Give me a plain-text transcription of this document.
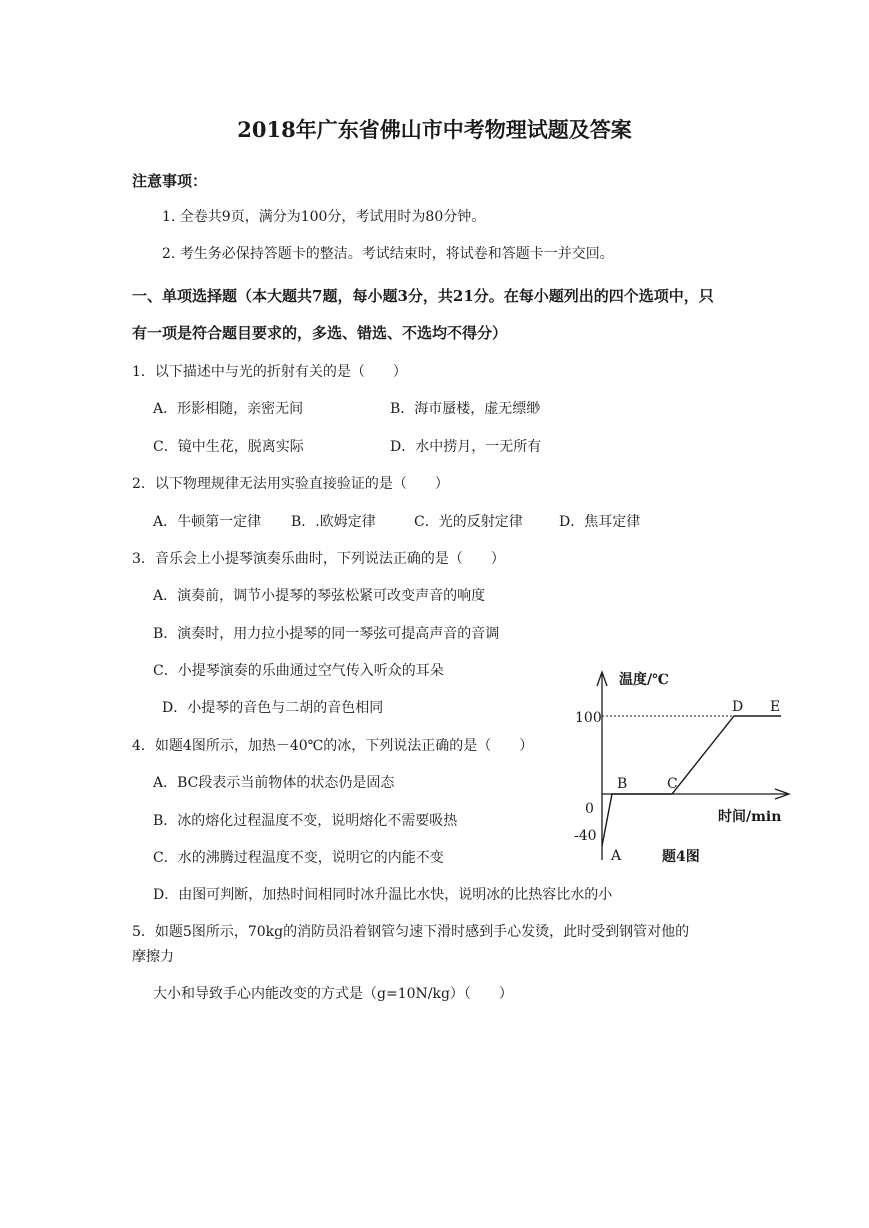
2018年广东省佛山市中考物理试题及答案
注意事项：
1. 全卷共9页，满分为100分，考试用时为80分钟。
2. 考生务必保持答题卡的整洁。考试结束时，将试卷和答题卡一并交回。
一、单项选择题（本大题共7题，每小题3分，共21分。在每小题列出的四个选项中，只
有一项是符合题目要求的，多选、错选、不选均不得分）
1．以下描述中与光的折射有关的是（　　）
A．形影相随，亲密无间	B．海市蜃楼，虚无缥缈
C．镜中生花，脱离实际	D．水中捞月，一无所有
2．以下物理规律无法用实验直接验证的是（　　）
A．牛顿第一定律 B．.欧姆定律	C．光的反射定律	D．焦耳定律
3．音乐会上小提琴演奏乐曲时，下列说法正确的是（　　）
A．演奏前，调节小提琴的琴弦松紧可改变声音的响度
B．演奏时，用力拉小提琴的同一琴弦可提高声音的音调
C．小提琴演奏的乐曲通过空气传入听众的耳朵
D．小提琴的音色与二胡的音色相同
4．如题4图所示，加热－40℃的冰，下列说法正确的是（　　）
A．BC段表示当前物体的状态仍是固态
B．冰的熔化过程温度不变，说明熔化不需要吸热
C．水的沸腾过程温度不变，说明它的内能不变
D．由图可判断，加热时间相同时冰升温比水快，说明冰的比热容比水的小
5．如题5图所示，70kg的消防员沿着钢管匀速下滑时感到手心发烫，此时受到钢管对他的
摩擦力
大小和导致手心内能改变的方式是（g=10N/kg）（　　）
温度/℃
时间/min
100
0
-40
A
B	C
D E
题4图
